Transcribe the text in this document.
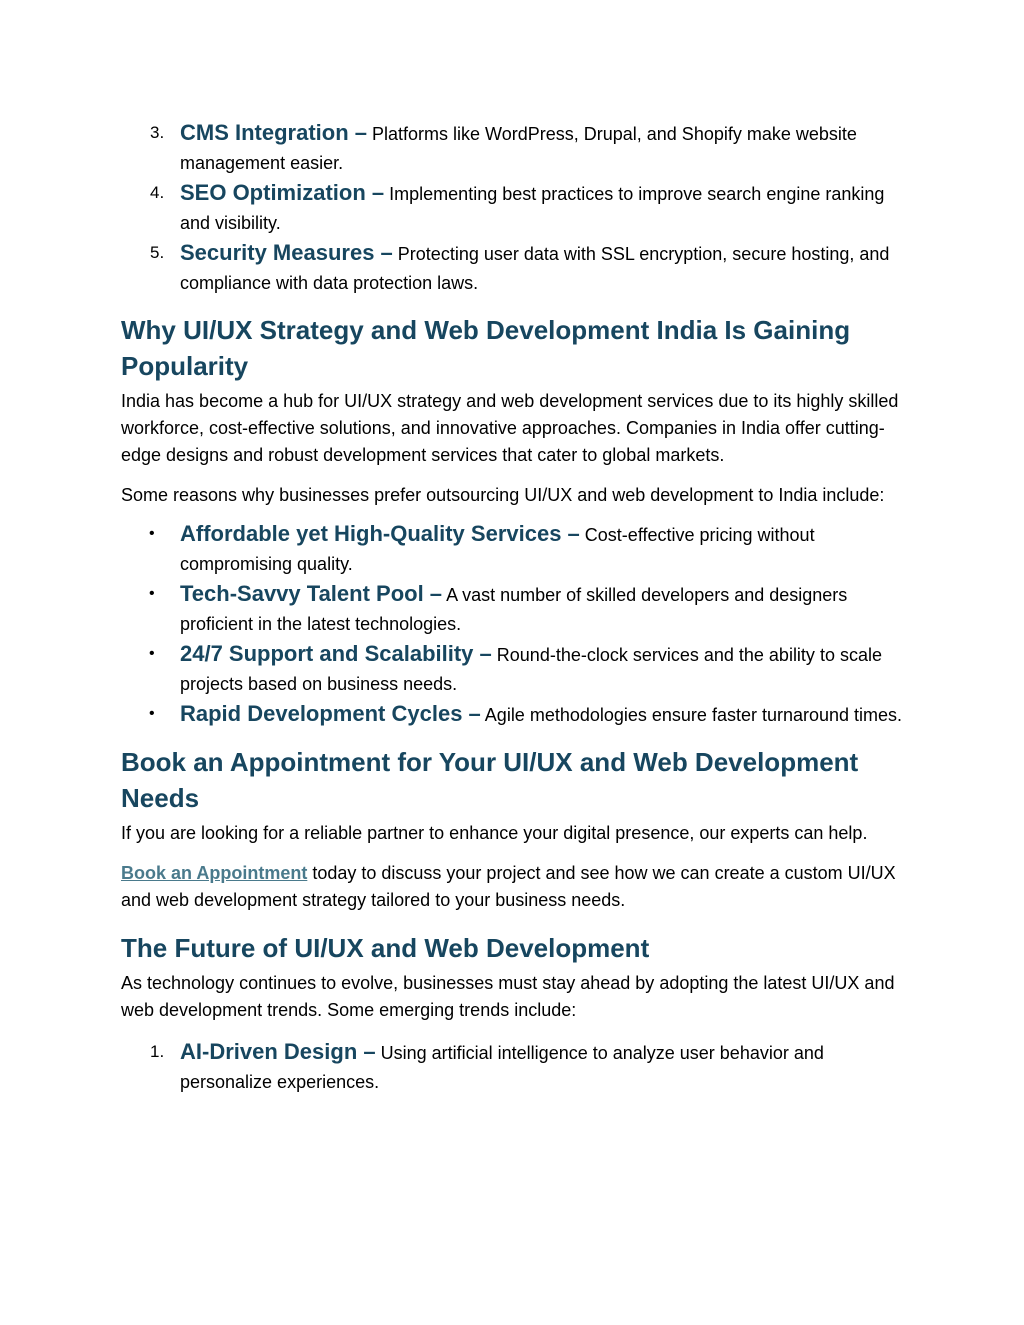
3. CMS Integration – Platforms like WordPress, Drupal, and Shopify make website management easier.
4. SEO Optimization – Implementing best practices to improve search engine ranking and visibility.
5. Security Measures – Protecting user data with SSL encryption, secure hosting, and compliance with data protection laws.
Why UI/UX Strategy and Web Development India Is Gaining Popularity

India has become a hub for UI/UX strategy and web development services due to its highly skilled workforce, cost-effective solutions, and innovative approaches. Companies in India offer cutting-edge designs and robust development services that cater to global markets.

Some reasons why businesses prefer outsourcing UI/UX and web development to India include:

• Affordable yet High-Quality Services – Cost-effective pricing without compromising quality.
• Tech-Savvy Talent Pool – A vast number of skilled developers and designers proficient in the latest technologies.
• 24/7 Support and Scalability – Round-the-clock services and the ability to scale projects based on business needs.
• Rapid Development Cycles – Agile methodologies ensure faster turnaround times.
Book an Appointment for Your UI/UX and Web Development Needs

If you are looking for a reliable partner to enhance your digital presence, our experts can help.

Book an Appointment today to discuss your project and see how we can create a custom UI/UX and web development strategy tailored to your business needs.

The Future of UI/UX and Web Development

As technology continues to evolve, businesses must stay ahead by adopting the latest UI/UX and web development trends. Some emerging trends include:

1. AI-Driven Design – Using artificial intelligence to analyze user behavior and personalize experiences.
